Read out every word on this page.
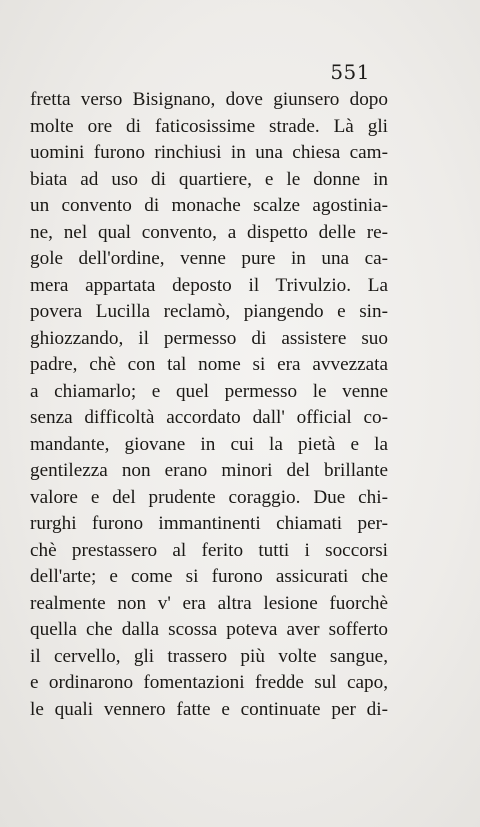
551
fretta verso Bisignano, dove giunsero dopo
molte ore di faticosissime strade. Là gli
uomini furono rinchiusi in una chiesa cam-
biata ad uso di quartiere, e le donne in
un convento di monache scalze agostinia-
ne, nel qual convento, a dispetto delle re-
gole dell'ordine, venne pure in una ca-
mera appartata deposto il Trivulzio. La
povera Lucilla reclamò, piangendo e sin-
ghiozzando, il permesso di assistere suo
padre, chè con tal nome si era avvezzata
a chiamarlo; e quel permesso le venne
senza difficoltà accordato dall' official co-
mandante, giovane in cui la pietà e la
gentilezza non erano minori del brillante
valore e del prudente coraggio. Due chi-
rurghi furono immantinenti chiamati per-
chè prestassero al ferito tutti i soccorsi
dell'arte; e come si furono assicurati che
realmente non v' era altra lesione fuorchè
quella che dalla scossa poteva aver sofferto
il cervello, gli trassero più volte sangue,
e ordinarono fomentazioni fredde sul capo,
le quali vennero fatte e continuate per di-
